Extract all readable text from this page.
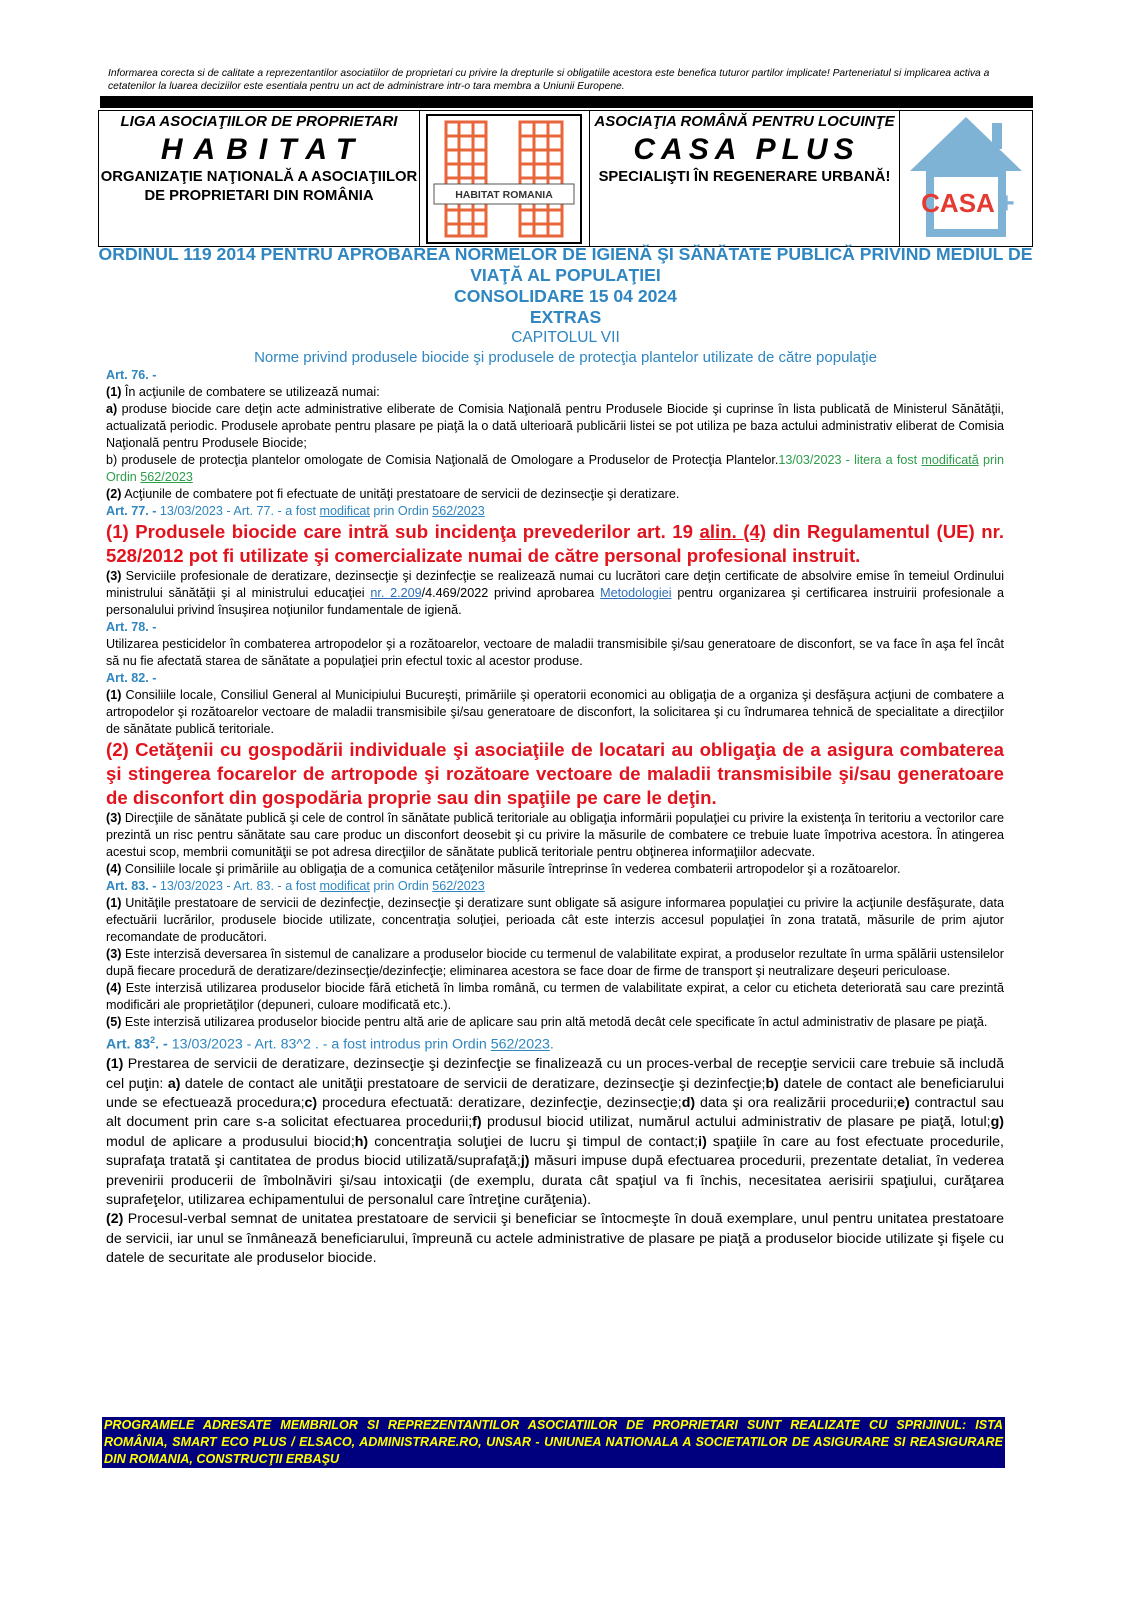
Informarea corecta si de calitate a reprezentantilor asociatiilor de proprietari cu privire la drepturile si obligatiile acestora este benefica tuturor partilor implicate! Parteneriatul si implicarea activa a cetatenilor la luarea deciziilor este esentiala pentru un act de administrare intr-o tara membra a Uniunii Europene.
LIGA ASOCIAŢIILOR DE PROPRIETARI
HABITAT
ORGANIZAŢIE NAŢIONALĂ A ASOCIAŢIILOR DE PROPRIETARI DIN ROMÂNIA	HABITAT ROMANIA
ASOCIAŢIA ROMÂNĂ PENTRU LOCUINŢE
CASA PLUS
SPECIALIŞTI ÎN REGENERARE URBANĂ!
CASA +
ORDINUL 119 2014 PENTRU APROBAREA NORMELOR DE IGIENĂ ŞI SĂNĂTATE PUBLICĂ PRIVIND MEDIUL DE VIAŢĂ AL POPULAŢIEI
CONSOLIDARE 15 04 2024
EXTRAS
CAPITOLUL VII
Norme privind produsele biocide şi produsele de protecţia plantelor utilizate de către populaţie
Art. 76. -
(1) În acţiunile de combatere se utilizează numai:
a) produse biocide care deţin acte administrative eliberate de Comisia Naţională pentru Produsele Biocide şi cuprinse în lista publicată de Ministerul Sănătăţii, actualizată periodic. Produsele aprobate pentru plasare pe piaţă la o dată ulterioară publicării listei se pot utiliza pe baza actului administrativ eliberat de Comisia Naţională pentru Produsele Biocide;
b) produsele de protecţia plantelor omologate de Comisia Naţională de Omologare a Produselor de Protecţia Plantelor.13/03/2023 - litera a fost modificată prin Ordin 562/2023
(2) Acţiunile de combatere pot fi efectuate de unităţi prestatoare de servicii de dezinsecţie şi deratizare.
Art. 77. - 13/03/2023 - Art. 77. - a fost modificat prin Ordin 562/2023
(1) Produsele biocide care intră sub incidenţa prevederilor art. 19 alin. (4) din Regulamentul (UE) nr. 528/2012 pot fi utilizate şi comercializate numai de către personal profesional instruit.
(3) Serviciile profesionale de deratizare, dezinsecţie şi dezinfecţie se realizează numai cu lucrători care deţin certificate de absolvire emise în temeiul Ordinului ministrului sănătăţii şi al ministrului educaţiei nr. 2.209/4.469/2022 privind aprobarea Metodologiei pentru organizarea şi certificarea instruirii profesionale a personalului privind însuşirea noţiunilor fundamentale de igienă.
Art. 78. -
Utilizarea pesticidelor în combaterea artropodelor şi a rozătoarelor, vectoare de maladii transmisibile şi/sau generatoare de disconfort, se va face în aşa fel încât să nu fie afectată starea de sănătate a populaţiei prin efectul toxic al acestor produse.
Art. 82. -
(1) Consiliile locale, Consiliul General al Municipiului Bucureşti, primăriile şi operatorii economici au obligaţia de a organiza şi desfăşura acţiuni de combatere a artropodelor şi rozătoarelor vectoare de maladii transmisibile şi/sau generatoare de disconfort, la solicitarea şi cu îndrumarea tehnică de specialitate a direcţiilor de sănătate publică teritoriale.
(2) Cetăţenii cu gospodării individuale şi asociaţiile de locatari au obligaţia de a asigura combaterea şi stingerea focarelor de artropode şi rozătoare vectoare de maladii transmisibile şi/sau generatoare de disconfort din gospodăria proprie sau din spaţiile pe care le deţin.
(3) Direcţiile de sănătate publică şi cele de control în sănătate publică teritoriale au obligaţia informării populaţiei cu privire la existenţa în teritoriu a vectorilor care prezintă un risc pentru sănătate sau care produc un disconfort deosebit şi cu privire la măsurile de combatere ce trebuie luate împotriva acestora. În atingerea acestui scop, membrii comunităţii se pot adresa direcţiilor de sănătate publică teritoriale pentru obţinerea informaţiilor adecvate.
(4) Consiliile locale şi primăriile au obligaţia de a comunica cetăţenilor măsurile întreprinse în vederea combaterii artropodelor şi a rozătoarelor.
Art. 83. - 13/03/2023 - Art. 83. - a fost modificat prin Ordin 562/2023
(1) Unităţile prestatoare de servicii de dezinfecţie, dezinsecţie şi deratizare sunt obligate să asigure informarea populaţiei cu privire la acţiunile desfăşurate, data efectuării lucrărilor, produsele biocide utilizate, concentraţia soluţiei, perioada cât este interzis accesul populaţiei în zona tratată, măsurile de prim ajutor recomandate de producători.
(3) Este interzisă deversarea în sistemul de canalizare a produselor biocide cu termenul de valabilitate expirat, a produselor rezultate în urma spălării ustensilelor după fiecare procedură de deratizare/dezinsecţie/dezinfecţie; eliminarea acestora se face doar de firme de transport şi neutralizare deşeuri periculoase.
(4) Este interzisă utilizarea produselor biocide fără etichetă în limba română, cu termen de valabilitate expirat, a celor cu eticheta deteriorată sau care prezintă modificări ale proprietăţilor (depuneri, culoare modificată etc.).
(5) Este interzisă utilizarea produselor biocide pentru altă arie de aplicare sau prin altă metodă decât cele specificate în actul administrativ de plasare pe piaţă.
Art. $83^2$. - 13/03/2023 - Art. 83^2 . - a fost introdus prin Ordin 562/2023.
(1) Prestarea de servicii de deratizare, dezinsecţie şi dezinfecţie se finalizează cu un proces-verbal de recepţie servicii care trebuie să includă cel puţin: a) datele de contact ale unităţii prestatoare de servicii de deratizare, dezinsecţie şi dezinfecţie;b) datele de contact ale beneficiarului unde se efectuează procedura;c) procedura efectuată: deratizare, dezinfecţie, dezinsecţie;d) data şi ora realizării procedurii;e) contractul sau alt document prin care s-a solicitat efectuarea procedurii;f) produsul biocid utilizat, numărul actului administrativ de plasare pe piaţă, lotul;g) modul de aplicare a produsului biocid;h) concentraţia soluţiei de lucru şi timpul de contact;i) spaţiile în care au fost efectuate procedurile, suprafaţa tratată şi cantitatea de produs biocid utilizată/suprafaţă;j) măsuri impuse după efectuarea procedurii, prezentate detaliat, în vederea prevenirii producerii de îmbolnăviri şi/sau intoxicaţii (de exemplu, durata cât spaţiul va fi închis, necesitatea aerisirii spaţiului, curăţarea suprafeţelor, utilizarea echipamentului de personalul care întreţine curăţenia).
(2) Procesul-verbal semnat de unitatea prestatoare de servicii şi beneficiar se întocmeşte în două exemplare, unul pentru unitatea prestatoare de servicii, iar unul se înmânează beneficiarului, împreună cu actele administrative de plasare pe piaţă a produselor biocide utilizate şi fişele cu datele de securitate ale produselor biocide.
PROGRAMELE ADRESATE MEMBRILOR SI REPREZENTANTILOR ASOCIATIILOR DE PROPRIETARI SUNT REALIZATE CU SPRIJINUL: ISTA ROMÂNIA, SMART ECO PLUS / ELSACO, ADMINISTRARE.RO, UNSAR - UNIUNEA NATIONALA A SOCIETATILOR DE ASIGURARE SI REASIGURARE DIN ROMANIA, CONSTRUCŢII ERBAŞU
